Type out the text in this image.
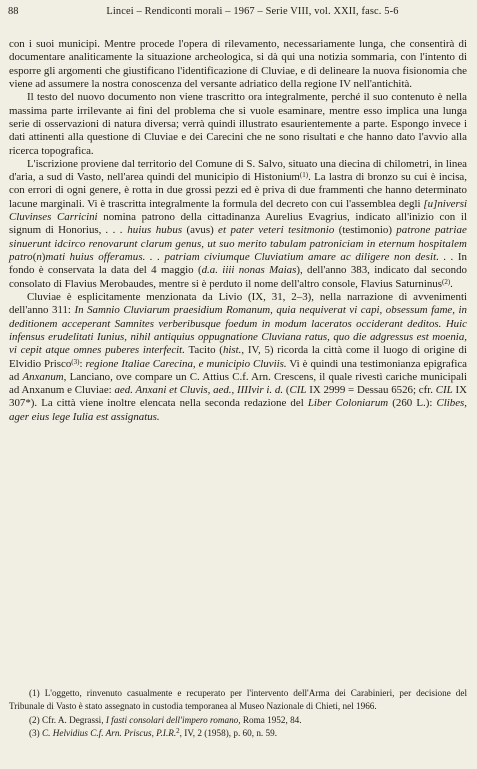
88	Lincei – Rendiconti morali – 1967 – Serie VIII, vol. XXII, fasc. 5-6

con i suoi municipi. Mentre procede l'opera di rilevamento, necessariamente lunga, che consentirà di documentare analiticamente la situazione archeologica, si dà qui una notizia sommaria, con l'intento di esporre gli argomenti che giustificano l'identificazione di Cluviae, e di delineare la nuova fisionomia che viene ad assumere la nostra conoscenza del versante adriatico della regione IV nell'antichità.

Il testo del nuovo documento non viene trascritto ora integralmente, perché il suo contenuto è nella massima parte irrilevante ai fini del problema che si vuole esaminare, mentre esso implica una lunga serie di osservazioni di natura diversa; verrà quindi illustrato esaurientemente a parte. Espongo invece i dati attinenti alla questione di Cluviae e dei Carecini che ne sono risultati e che hanno dato l'avvio alla ricerca topografica.

L'iscrizione proviene dal territorio del Comune di S. Salvo, situato una diecina di chilometri, in linea d'aria, a sud di Vasto, nell'area quindi del municipio di Histonium$^{(1)}$. La lastra di bronzo su cui è incisa, con errori di ogni genere, è rotta in due grossi pezzi ed è priva di due frammenti che hanno determinato lacune marginali. Vi è trascritta integralmente la formula del decreto con cui l'assemblea degli [u]niversi Cluvinses Carricini nomina patrono della cittadinanza Aurelius Evagrius, indicato all'inizio con il signum di Honorius, . . . huius hubus (avus) et pater veteri tesitmonio (testimonio) patrone patriae sinuerunt idcirco renovarunt clarum genus, ut suo merito tabulam patroniciam in eternum hospitalem patro(n)mati huius offeramus. . . patriam civiumque Cluviatium amare ac diligere non desit. . . In fondo è conservata la data del 4 maggio (d.a. iiii nonas Maias), dell'anno 383, indicato dal secondo consolato di Flavius Merobaudes, mentre si è perduto il nome dell'altro console, Flavius Saturninus$^{(2)}$.

Cluviae è esplicitamente menzionata da Livio (IX, 31, 2–3), nella narrazione di avvenimenti dell'anno 311: In Samnio Cluviarum praesidium Romanum, quia nequiverat vi capi, obsessum fame, in deditionem acceperant Samnites verberibusque foedum in modum laceratos occiderant deditos. Huic infensus erudelitati Iunius, nihil antiquius oppugnatione Cluviana ratus, quo die adgressus est moenia, vi cepit atque omnes puberes interfecit. Tacito (hist., IV, 5) ricorda la città come il luogo di origine di Elvidio Prisco$^{(3)}$: regione Italiae Carecina, e municipio Cluviis. Vi è quindi una testimonianza epigrafica ad Anxanum, Lanciano, ove compare un C. Attius C.f. Arn. Crescens, il quale rivestì cariche municipali ad Anxanum e Cluviae: aed. Anxani et Cluvis, aed., IIIIvir i. d. (CIL IX 2999 = Dessau 6526; cfr. CIL IX 307*). La città viene inoltre elencata nella seconda redazione del Liber Coloniarum (260 L.): Clibes, ager eius lege Iulia est assignatus.

(1) L'oggetto, rinvenuto casualmente e recuperato per l'intervento dell'Arma dei Carabinieri, per decisione del Tribunale di Vasto è stato assegnato in custodia temporanea al Museo Nazionale di Chieti, nel 1966.

(2) Cfr. A. Degrassi, I fasti consolari dell'impero romano, Roma 1952, 84.

(3) C. Helvidius C.f. Arn. Priscus, P.I.R.$^2$, IV, 2 (1958), p. 60, n. 59.
